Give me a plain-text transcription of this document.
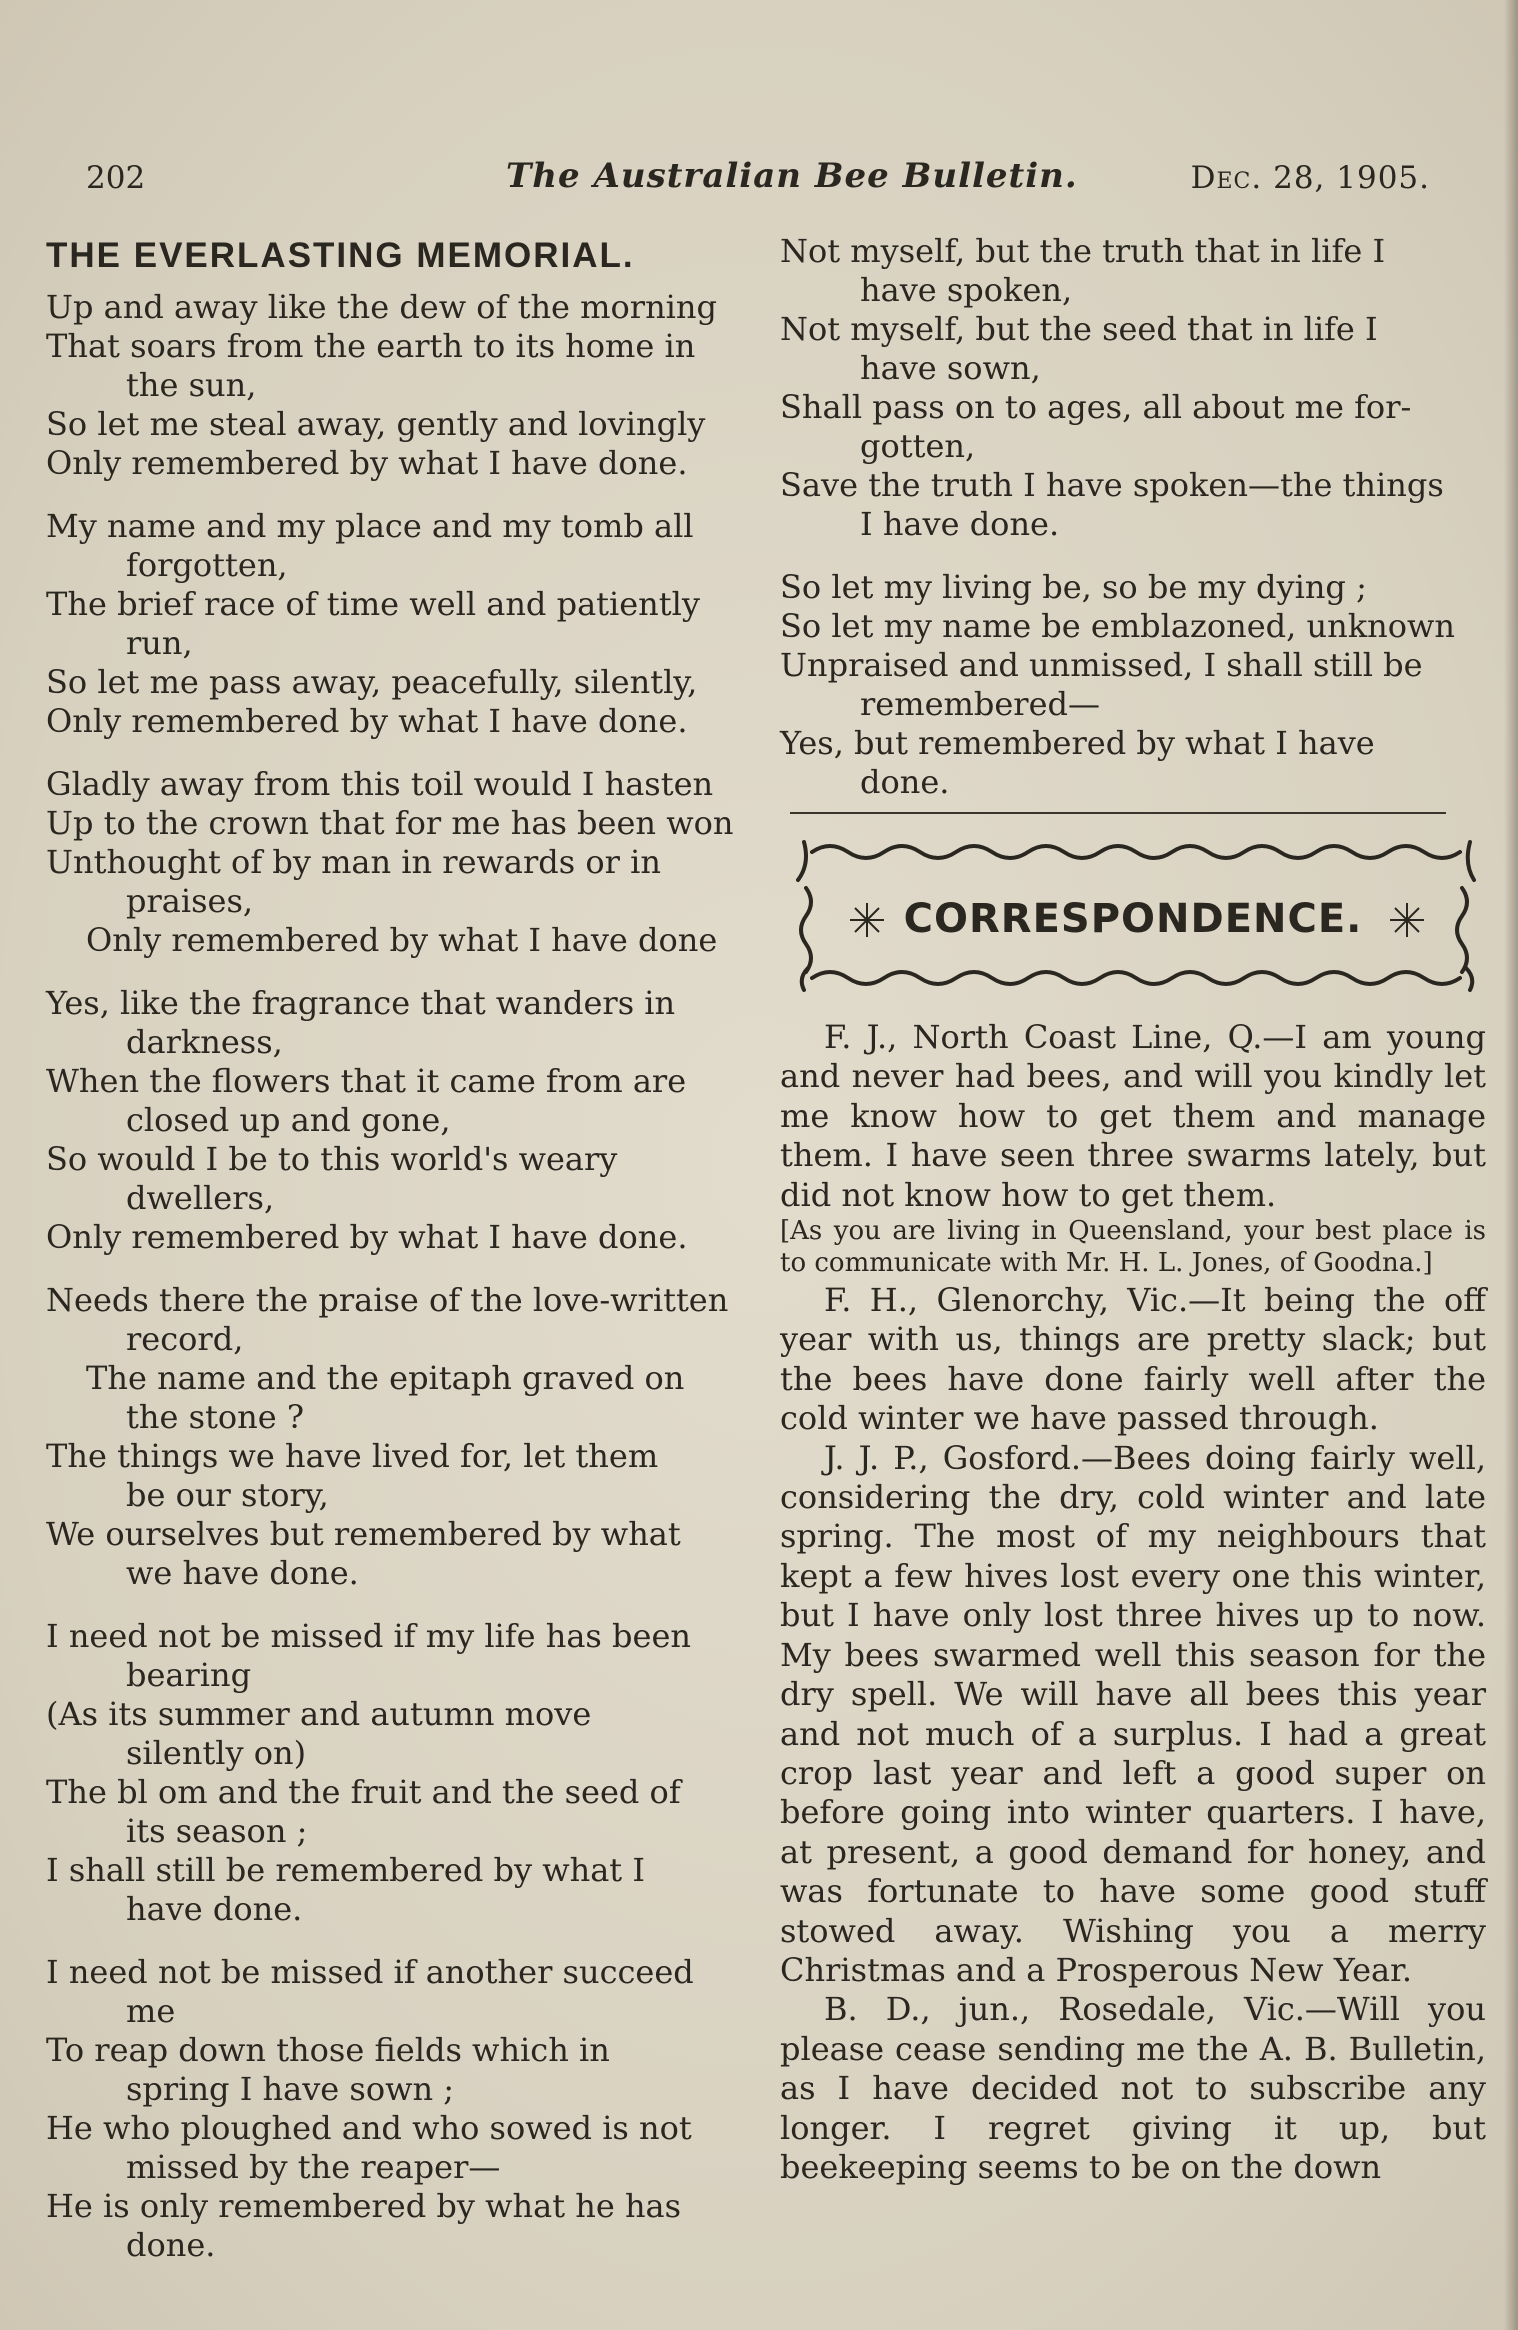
202	The Australian Bee Bulletin.	Dec. 28, 1905.
THE EVERLASTING MEMORIAL.
Up and away like the dew of the morning
That soars from the earth to its home in
the sun,
So let me steal away, gently and lovingly
Only remembered by what I have done.
My name and my place and my tomb all
forgotten,
The brief race of time well and patiently
run,
So let me pass away, peacefully, silently,
Only remembered by what I have done.
Gladly away from this toil would I hasten
Up to the crown that for me has been won
Unthought of by man in rewards or in
praises,
Only remembered by what I have done
Yes, like the fragrance that wanders in
darkness,
When the flowers that it came from are
closed up and gone,
So would I be to this world's weary
dwellers,
Only remembered by what I have done.
Needs there the praise of the love-written
record,
The name and the epitaph graved on
the stone ?
The things we have lived for, let them
be our story,
We ourselves but remembered by what
we have done.
I need not be missed if my life has been
bearing
(As its summer and autumn move
silently on)
The bl om and the fruit and the seed of
its season ;
I shall still be remembered by what I
have done.
I need not be missed if another succeed
me
To reap down those fields which in
spring I have sown ;
He who ploughed and who sowed is not
missed by the reaper—
He is only remembered by what he has
done.
Not myself, but the truth that in life I
have spoken,
Not myself, but the seed that in life I
have sown,
Shall pass on to ages, all about me for-
gotten,
Save the truth I have spoken—the things
I have done.
So let my living be, so be my dying ;
So let my name be emblazoned, unknown
Unpraised and unmissed, I shall still be
remembered—
Yes, but remembered by what I have
done.
CORRESPONDENCE.

F. J., North Coast Line, Q.—I am young and never had bees, and will you kindly let me know how to get them and manage them. I have seen three swarms lately, but did not know how to get them.

[As you are living in Queensland, your best place is to communicate with Mr. H. L. Jones, of Goodna.]

F. H., Glenorchy, Vic.—It being the off year with us, things are pretty slack; but the bees have done fairly well after the cold winter we have passed through.

J. J. P., Gosford.—Bees doing fairly well, considering the dry, cold winter and late spring. The most of my neighbours that kept a few hives lost every one this winter, but I have only lost three hives up to now. My bees swarmed well this season for the dry spell. We will have all bees this year and not much of a surplus. I had a great crop last year and left a good super on before going into winter quarters. I have, at present, a good demand for honey, and was fortunate to have some good stuff stowed away. Wishing you a merry Christmas and a Prosperous New Year.

B. D., jun., Rosedale, Vic.—Will you please cease sending me the A. B. Bulletin, as I have decided not to subscribe any longer. I regret giving it up, but beekeeping seems to be on the down
